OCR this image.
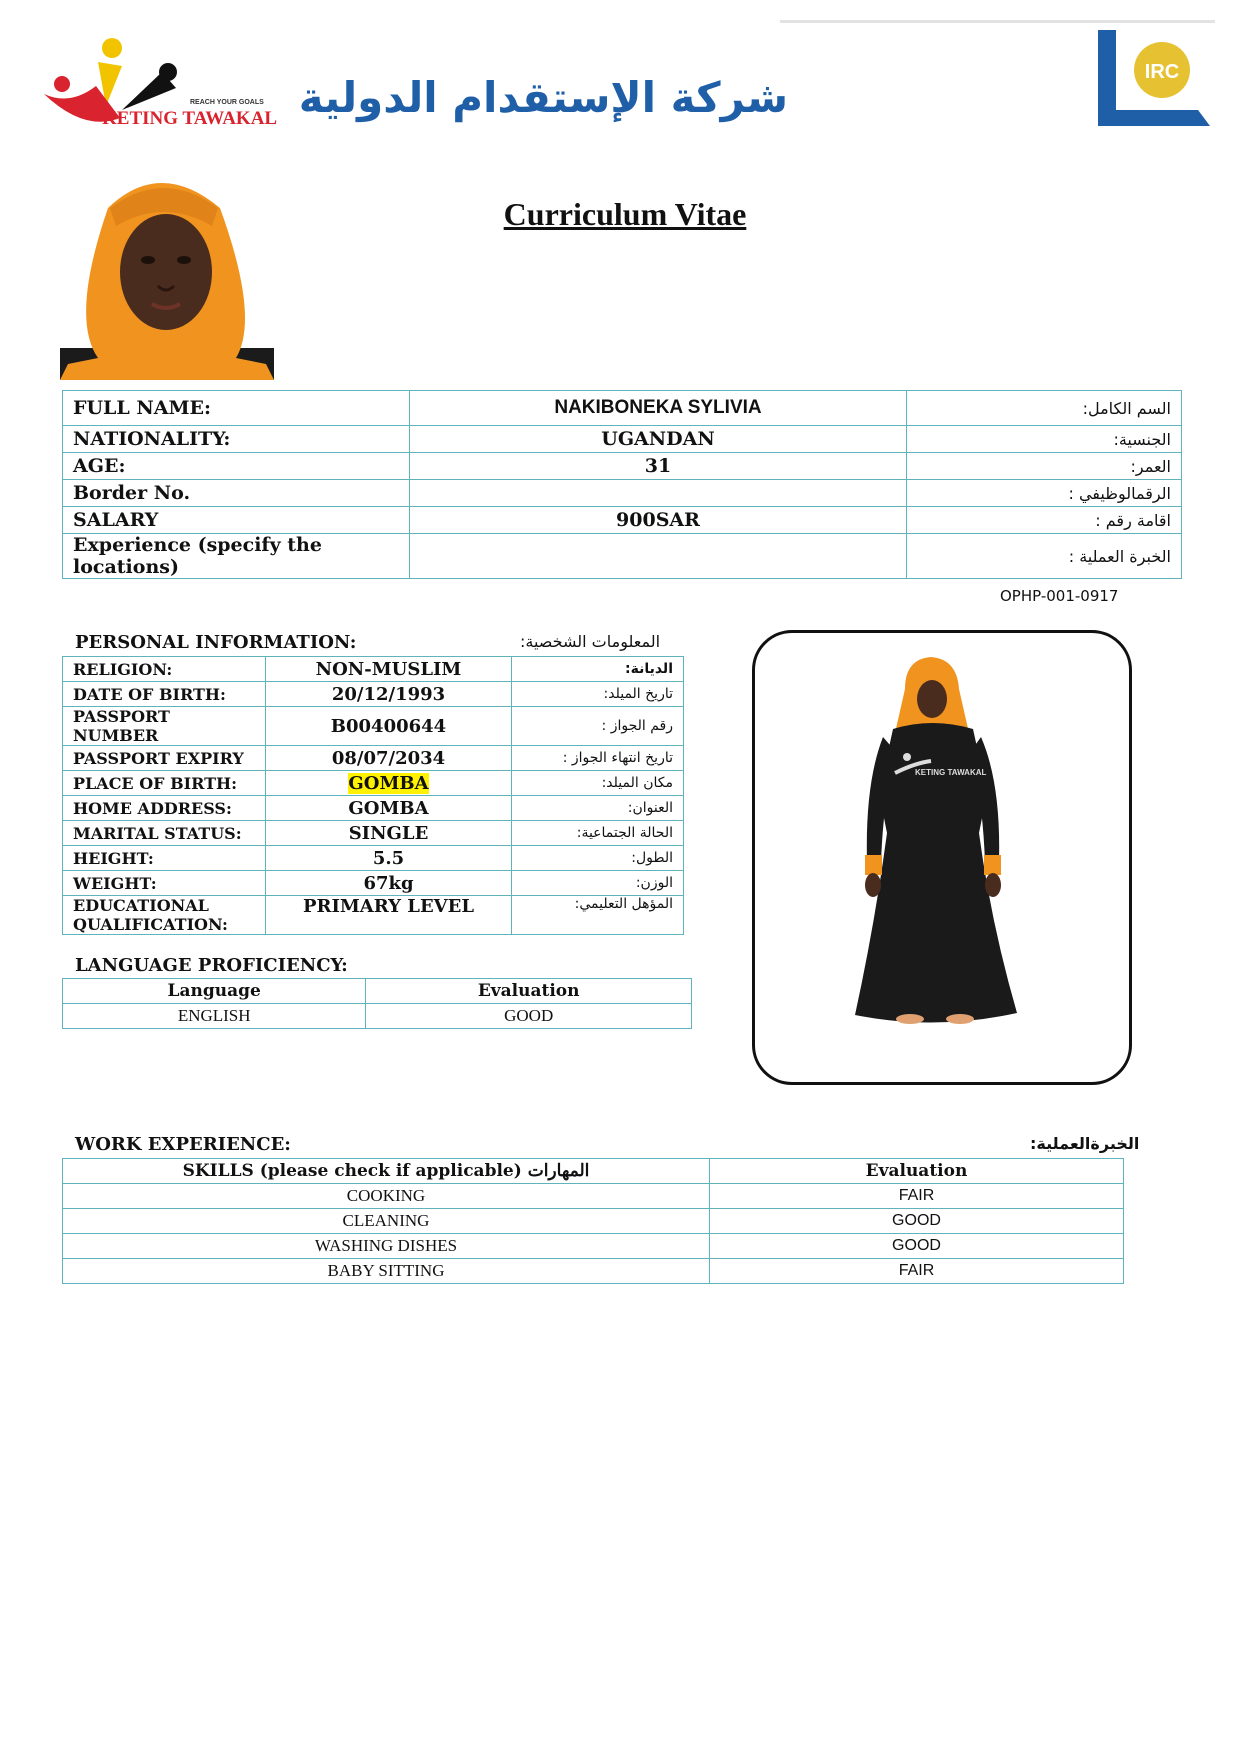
REACH YOUR GOALS
KETING TAWAKAL شركة الإستقدام الدولية
IRC
Curriculum Vitae
FULL NAME:	NAKIBONEKA SYLIVIA	السم الكامل:
NATIONALITY:	UGANDAN	الجنسية:
AGE:	31	العمر:
Border No.		الرقمالوظيفي :
SALARY	900SAR	اقامة رقم :
Experience (specify the locations)		الخبرة العملية :
OPHP-001-0917
PERSONAL INFORMATION:	المعلومات الشخصية:
RELIGION:	NON-MUSLIM	الديانة:
DATE OF BIRTH:	20/12/1993	تاريخ الميلد:
PASSPORT NUMBER	B00400644	رقم الجواز :
PASSPORT EXPIRY	08/07/2034	تاريخ انتهاء الجواز :
PLACE OF BIRTH:	GOMBA	مكان الميلد:
HOME ADDRESS:	GOMBA	العنوان:
MARITAL STATUS:	SINGLE	الحالة الجتماعية:
HEIGHT:	5.5	الطول:
WEIGHT:	67kg	الوزن:
EDUCATIONAL QUALIFICATION:	PRIMARY LEVEL	المؤهل التعليمي:
LANGUAGE PROFICIENCY:
Language	Evaluation
ENGLISH	GOOD
KETING TAWAKAL
WORK EXPERIENCE:	الخبرةالعملية:
SKILLS (please check if applicable) المهارات	Evaluation
COOKING	FAIR
CLEANING	GOOD
WASHING DISHES	GOOD
BABY SITTING	FAIR
